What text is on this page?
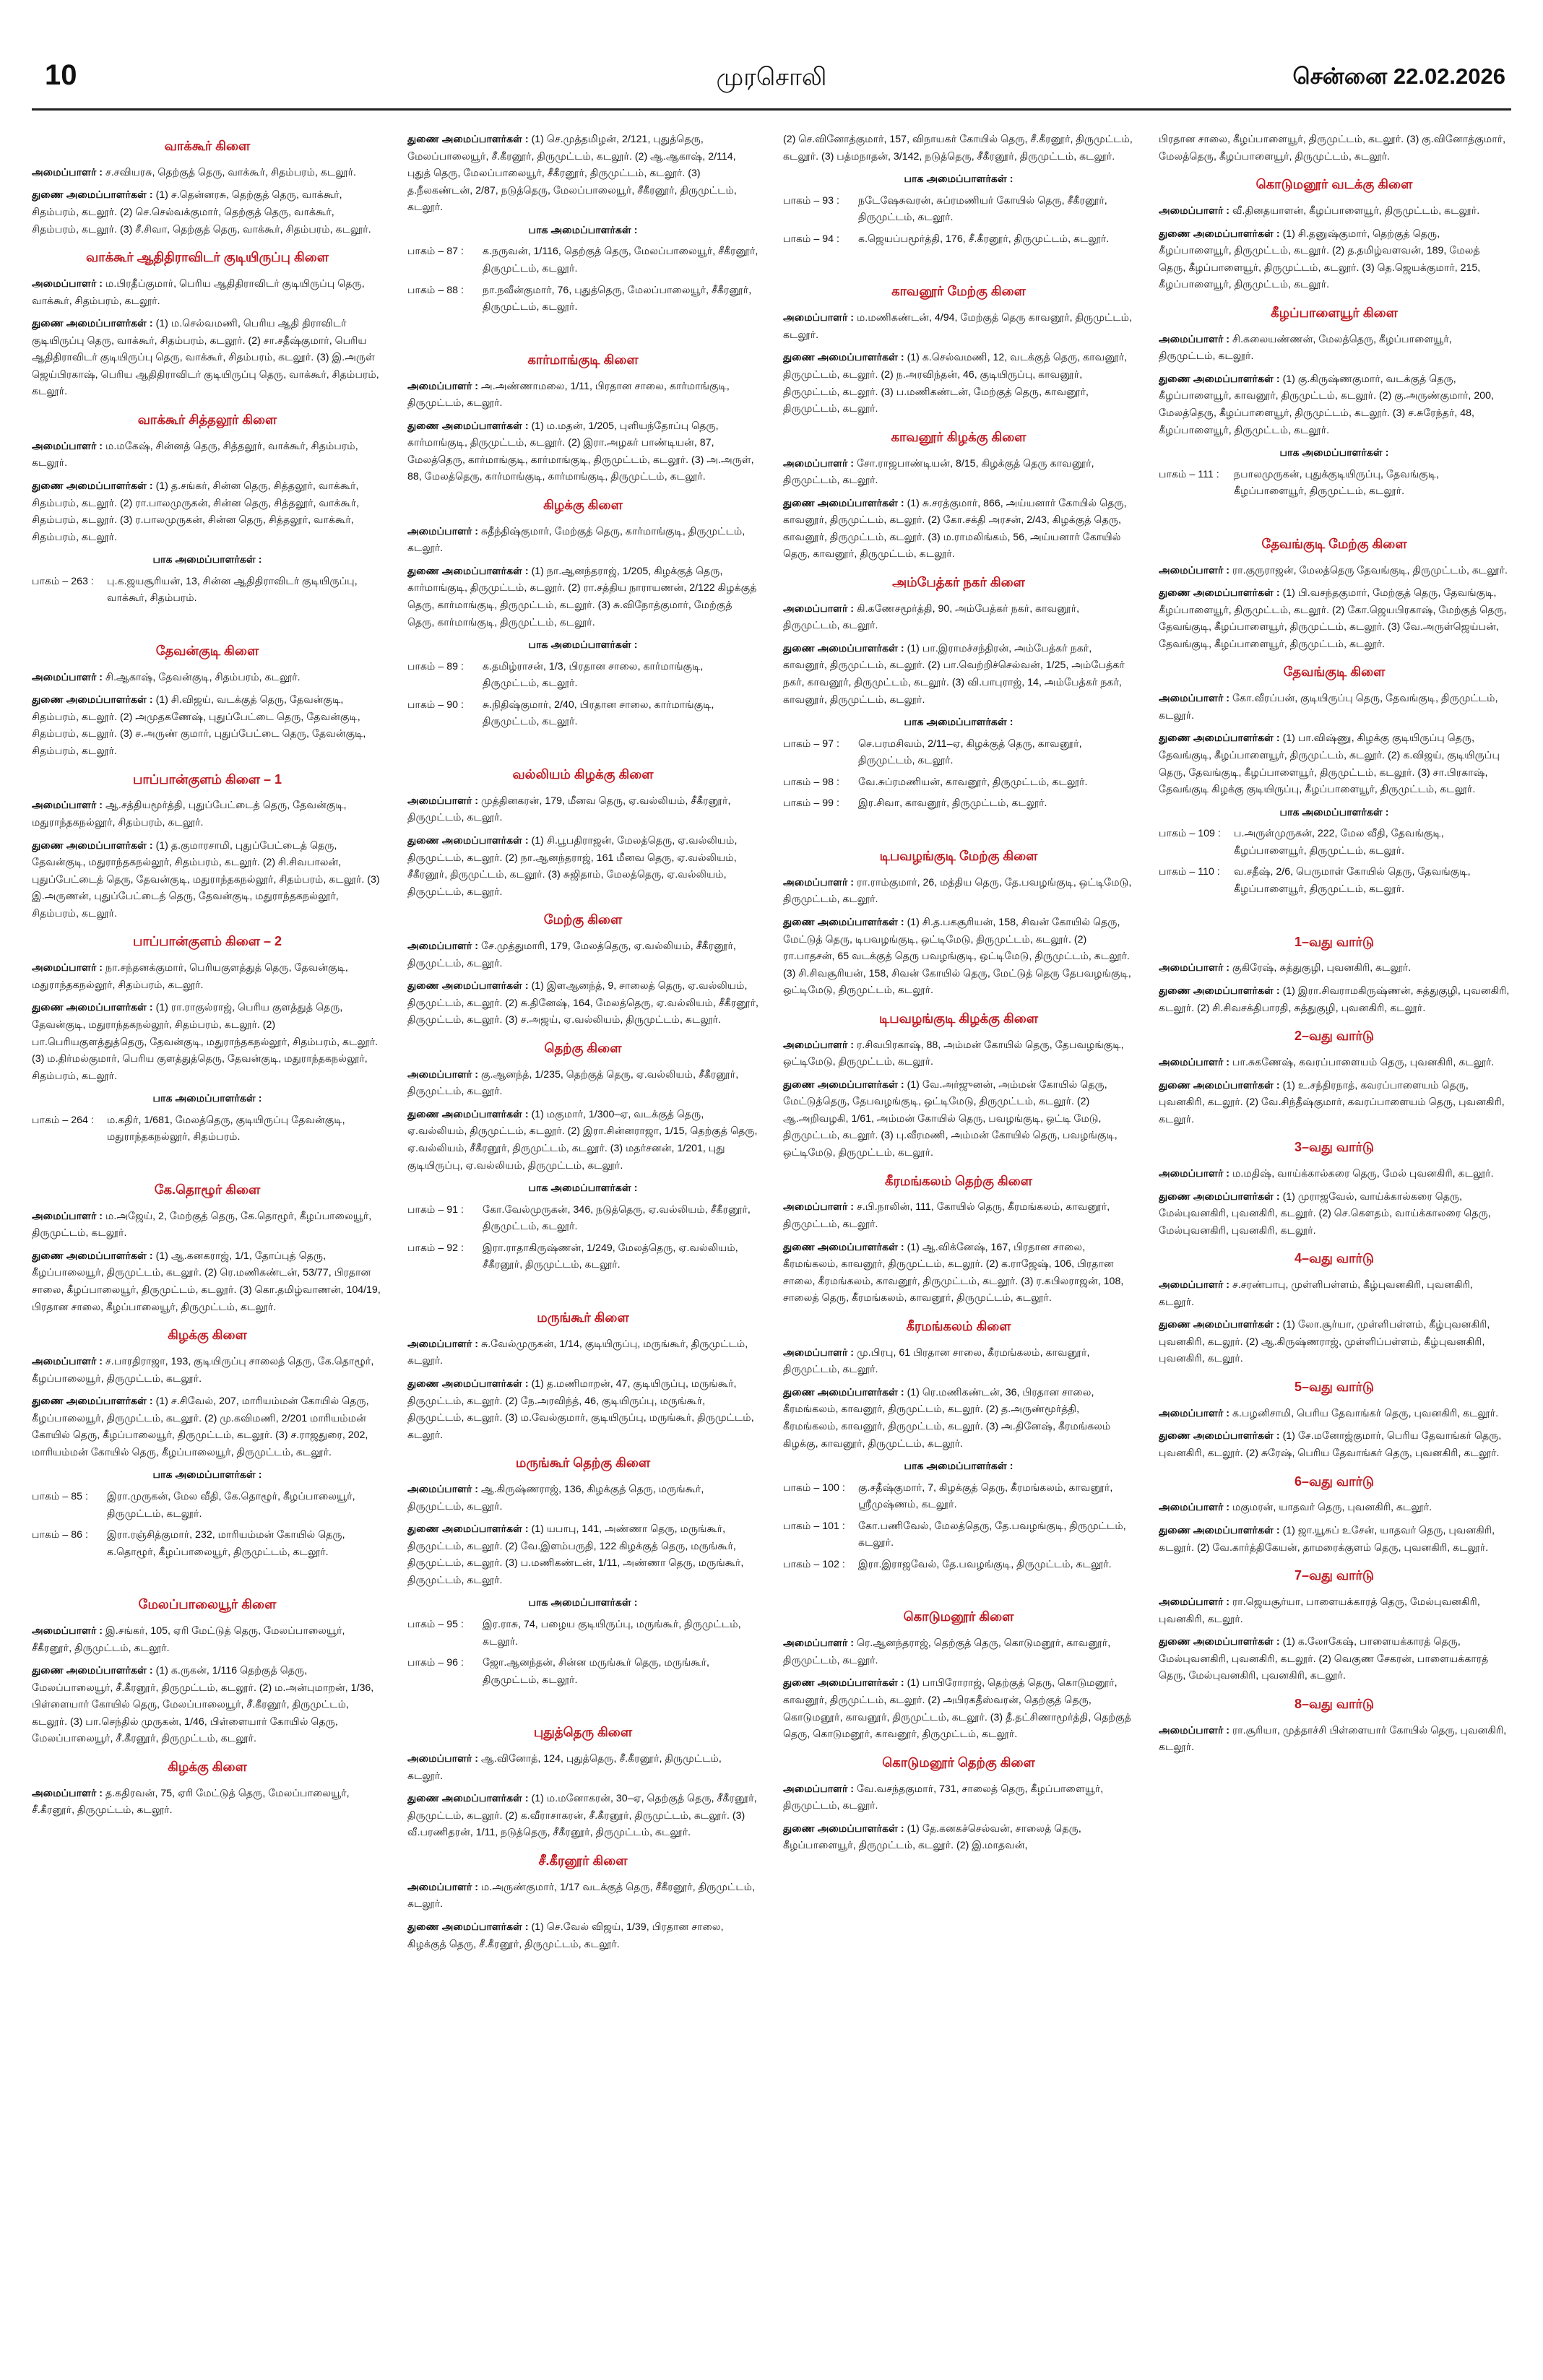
10	முரசொலி	சென்னை 22.02.2026
வாக்கூர் கிளை

அமைப்பாளர் : ச.சவியரசு, தெற்குத் தெரு, வாக்கூர், சிதம்பரம், கடலூர்.

துணை அமைப்பாளர்கள் : (1) ச.தென்னரசு, தெற்குத் தெரு, வாக்கூர், சிதம்பரம், கடலூர். (2) செ.செல்வக்குமார், தெற்குத் தெரு, வாக்கூர், சிதம்பரம், கடலூர். (3) சீ.சிவா, தெற்குத் தெரு, வாக்கூர், சிதம்பரம், கடலூர்.

வாக்கூர் ஆதிதிராவிடர் குடியிருப்பு கிளை

அமைப்பாளர் : ம.பிரதீப்குமார், பெரிய ஆதிதிராவிடர் குடியிருப்பு தெரு, வாக்கூர், சிதம்பரம், கடலூர்.

துணை அமைப்பாளர்கள் : (1) ம.செல்வமணி, பெரிய ஆதி திராவிடர் குடியிருப்பு தெரு, வாக்கூர், சிதம்பரம், கடலூர். (2) சா.சதீஷ்குமார், பெரிய ஆதிதிராவிடர் குடியிருப்பு தெரு, வாக்கூர், சிதம்பரம், கடலூர். (3) இ.அருள் ஜெய்பிரகாஷ், பெரிய ஆதிதிராவிடர் குடியிருப்பு தெரு, வாக்கூர், சிதம்பரம், கடலூர்.

வாக்கூர் சித்தலூர் கிளை

அமைப்பாளர் : ம.மகேஷ், சின்னத் தெரு, சித்தலூர், வாக்கூர், சிதம்பரம், கடலூர்.

துணை அமைப்பாளர்கள் : (1) த.சங்கர், சின்ன தெரு, சித்தலூர், வாக்கூர், சிதம்பரம், கடலூர். (2) ரா.பாலமுருகன், சின்ன தெரு, சித்தலூர், வாக்கூர், சிதம்பரம், கடலூர். (3) ர.பாலமுருகன், சின்ன தெரு, சித்தலூர், வாக்கூர், சிதம்பரம், கடலூர்.

பாக அமைப்பாளர்கள் :
பாகம் – 263 :	பு.க.ஜயசூரியன், 13, சின்ன ஆதிதிராவிடர் குடியிருப்பு, வாக்கூர், சிதம்பரம்.
தேவன்குடி கிளை

அமைப்பாளர் : சி.ஆகாஷ், தேவன்குடி, சிதம்பரம், கடலூர்.

துணை அமைப்பாளர்கள் : (1) சி.விஜய், வடக்குத் தெரு, தேவன்குடி, சிதம்பரம், கடலூர். (2) அமுதகணேஷ், புதுப்பேட்டை தெரு, தேவன்குடி, சிதம்பரம், கடலூர். (3) ச.அருண் குமார், புதுப்பேட்டை தெரு, தேவன்குடி, சிதம்பரம், கடலூர்.

பாப்பான்குளம் கிளை – 1

அமைப்பாளர் : ஆ.சத்தியமூர்த்தி, புதுப்பேட்டைத் தெரு, தேவன்குடி, மதுராந்தகநல்லூர், சிதம்பரம், கடலூர்.

துணை அமைப்பாளர்கள் : (1) த.குமாரசாமி, புதுப்பேட்டைத் தெரு, தேவன்குடி, மதுராந்தகநல்லூர், சிதம்பரம், கடலூர். (2) சி.சிவபாலன், புதுப்பேட்டைத் தெரு, தேவன்குடி, மதுராந்தகநல்லூர், சிதம்பரம், கடலூர். (3) இ.அருணன், புதுப்பேட்டைத் தெரு, தேவன்குடி, மதுராந்தகநல்லூர், சிதம்பரம், கடலூர்.

பாப்பான்குளம் கிளை – 2

அமைப்பாளர் : நா.சந்தனக்குமார், பெரியகுளத்துத் தெரு, தேவன்குடி, மதுராந்தகநல்லூர், சிதம்பரம், கடலூர்.

துணை அமைப்பாளர்கள் : (1) ரா.ராகுல்ராஜ், பெரிய குளத்துத் தெரு, தேவன்குடி, மதுராந்தகநல்லூர், சிதம்பரம், கடலூர். (2) பா.பெரியகுளத்துத்தெரு, தேவன்குடி, மதுராந்தகநல்லூர், சிதம்பரம், கடலூர். (3) ம.திர்மல்குமார், பெரிய குளத்துத்தெரு, தேவன்குடி, மதுராந்தகநல்லூர், சிதம்பரம், கடலூர்.

பாக அமைப்பாளர்கள் :
பாகம் – 264 :	ம.கதிர், 1/681, மேலத்தெரு, குடியிருப்பு தேவன்குடி, மதுராந்தகநல்லூர், சிதம்பரம்.
கே.தொழூர் கிளை

அமைப்பாளர் : ம.அஜேய், 2, மேற்குத் தெரு, கே.தொழூர், கீழப்பாலையூர், திருமுட்டம், கடலூர்.

துணை அமைப்பாளர்கள் : (1) ஆ.கனகராஜ், 1/1, தோப்புத் தெரு, கீழப்பாலையூர், திருமுட்டம், கடலூர். (2) ரெ.மணிகண்டன், 53/77, பிரதான சாலை, கீழப்பாலையூர், திருமுட்டம், கடலூர். (3) கொ.தமிழ்வாணன், 104/19, பிரதான சாலை, கீழப்பாலையூர், திருமுட்டம், கடலூர்.

கிழக்கு கிளை

அமைப்பாளர் : ச.பாரதிராஜா, 193, குடியிருப்பு சாலைத் தெரு, கே.தொழூர், கீழப்பாலையூர், திருமுட்டம், கடலூர்.

துணை அமைப்பாளர்கள் : (1) ச.சிவேல், 207, மாரியம்மன் கோயில் தெரு, கீழப்பாலையூர், திருமுட்டம், கடலூர். (2) மு.கவிமணி, 2/201 மாரியம்மன் கோயில் தெரு, கீழப்பாலையூர், திருமுட்டம், கடலூர். (3) ச.ராஜதுரை, 202, மாரியம்மன் கோயில் தெரு, கீழப்பாலையூர், திருமுட்டம், கடலூர்.

பாக அமைப்பாளர்கள் :
பாகம் – 85 :	இரா.முருகன், மேல வீதி, கே.தொழூர், கீழப்பாலையூர், திருமுட்டம், கடலூர்.
பாகம் – 86 :	இரா.ரஞ்சித்குமார், 232, மாரியம்மன் கோயில் தெரு, க.தொழூர், கீழப்பாலையூர், திருமுட்டம், கடலூர்.
மேலப்பாலையூர் கிளை

அமைப்பாளர் : இ.சங்கர், 105, ஏரி மேட்டுத் தெரு, மேலப்பாலையூர், சீகீரனூர், திருமுட்டம், கடலூர்.

துணை அமைப்பாளர்கள் : (1) க.ருகன், 1/116 தெற்குத் தெரு, மேலப்பாலையூர், சீ.கீரனூர், திருமுட்டம், கடலூர். (2) ம.அன்புமாறன், 1/36, பிள்ளையார் கோயில் தெரு, மேலப்பாலையூர், சீ.கீரனூர், திருமுட்டம், கடலூர். (3) பா.செந்தில் முருகன், 1/46, பிள்ளையார் கோயில் தெரு, மேலப்பாலையூர், சீ.கீரனூர், திருமுட்டம், கடலூர்.

கிழக்கு கிளை

அமைப்பாளர் : த.கதிரவன், 75, ஏரி மேட்டுத் தெரு, மேலப்பாலையூர், சீ.கீரனூர், திருமுட்டம், கடலூர்.

துணை அமைப்பாளர்கள் : (1) செ.முத்தமிழன், 2/121, புதுத்தெரு, மேலப்பாலையூர், சீ.கீரனூர், திருமுட்டம், கடலூர். (2) ஆ.ஆகாஷ், 2/114, புதுத் தெரு, மேலப்பாலையூர், சீகீரனூர், திருமுட்டம், கடலூர். (3) த.நீலகண்டன், 2/87, நடுத்தெரு, மேலப்பாலையூர், சீகீரனூர், திருமுட்டம், கடலூர்.

பாக அமைப்பாளர்கள் :
பாகம் – 87 :	க.நருவன், 1/116, தெற்குத் தெரு, மேலப்பாலையூர், சீகீரனூர், திருமுட்டம், கடலூர்.
பாகம் – 88 :	நா.நவீன்குமார், 76, புதுத்தெரு, மேலப்பாலையூர், சீகீரனூர், திருமுட்டம், கடலூர்.
கார்மாங்குடி கிளை

அமைப்பாளர் : அ.அண்ணாமலை, 1/11, பிரதான சாலை, கார்மாங்குடி, திருமுட்டம், கடலூர்.

துணை அமைப்பாளர்கள் : (1) ம.மதன், 1/205, புளியந்தோப்பு தெரு, கார்மாங்குடி, திருமுட்டம், கடலூர். (2) இரா.அழகர் பாண்டியன், 87, மேலத்தெரு, கார்மாங்குடி, கார்மாங்குடி, திருமுட்டம், கடலூர். (3) அ.அருள், 88, மேலத்தெரு, கார்மாங்குடி, கார்மாங்குடி, திருமுட்டம், கடலூர்.

கிழக்கு கிளை

அமைப்பாளர் : சுதீந்திஷ்குமார், மேற்குத் தெரு, கார்மாங்குடி, திருமுட்டம், கடலூர்.

துணை அமைப்பாளர்கள் : (1) நா.ஆனந்தராஜ், 1/205, கிழக்குத் தெரு, கார்மாங்குடி, திருமுட்டம், கடலூர். (2) ரா.சத்திய நாராயணன், 2/122 கிழக்குத் தெரு, கார்மாங்குடி, திருமுட்டம், கடலூர். (3) சு.விநோத்குமார், மேற்குத் தெரு, கார்மாங்குடி, திருமுட்டம், கடலூர்.

பாக அமைப்பாளர்கள் :
பாகம் – 89 :	க.தமிழ்ராசன், 1/3, பிரதான சாலை, கார்மாங்குடி, திருமுட்டம், கடலூர்.
பாகம் – 90 :	சு.நிதிஷ்குமார், 2/40, பிரதான சாலை, கார்மாங்குடி, திருமுட்டம், கடலூர்.
வல்லியம் கிழக்கு கிளை

அமைப்பாளர் : முத்தினகரன், 179, மீனவ தெரு, ஏ.வல்லியம், சீகீரனூர், திருமுட்டம், கடலூர்.

துணை அமைப்பாளர்கள் : (1) சி.பூபதிராஜன், மேலத்தெரு, ஏ.வல்லியம், திருமுட்டம், கடலூர். (2) நா.ஆனந்தராஜ், 161 மீனவ தெரு, ஏ.வல்லியம், சீகீரனூர், திருமுட்டம், கடலூர். (3) சுஜிதாம், மேலத்தெரு, ஏ.வல்லியம், திருமுட்டம், கடலூர்.

மேற்கு கிளை

அமைப்பாளர் : சே.முத்துமாரி, 179, மேலத்தெரு, ஏ.வல்லியம், சீகீரனூர், திருமுட்டம், கடலூர்.

துணை அமைப்பாளர்கள் : (1) இளஆனந்த், 9, சாலைத் தெரு, ஏ.வல்லியம், திருமுட்டம், கடலூர். (2) சு.தினேஷ், 164, மேலத்தெரு, ஏ.வல்லியம், சீகீரனூர், திருமுட்டம், கடலூர். (3) ச.அஜய், ஏ.வல்லியம், திருமுட்டம், கடலூர்.

தெற்கு கிளை

அமைப்பாளர் : கு.ஆனந்த், 1/235, தெற்குத் தெரு, ஏ.வல்லியம், சீகீரனூர், திருமுட்டம், கடலூர்.

துணை அமைப்பாளர்கள் : (1) மகுமார், 1/300–ஏ, வடக்குத் தெரு, ஏ.வல்லியம், திருமுட்டம், கடலூர். (2) இரா.சின்னராஜா, 1/15, தெற்குத் தெரு, ஏ.வல்லியம், சீகீரனூர், திருமுட்டம், கடலூர். (3) மதர்சனன், 1/201, புது குடியிருப்பு, ஏ.வல்லியம், திருமுட்டம், கடலூர்.

பாக அமைப்பாளர்கள் :
பாகம் – 91 :	கோ.வேல்முருகன், 346, நடுத்தெரு, ஏ.வல்லியம், சீகீரனூர், திருமுட்டம், கடலூர்.
பாகம் – 92 :	இரா.ராதாகிருஷ்ணன், 1/249, மேலத்தெரு, ஏ.வல்லியம், சீகீரனூர், திருமுட்டம், கடலூர்.
மருங்கூர் கிளை

அமைப்பாளர் : சு.வேல்முருகன், 1/14, குடியிருப்பு, மருங்கூர், திருமுட்டம், கடலூர்.

துணை அமைப்பாளர்கள் : (1) த.மணிமாறன், 47, குடியிருப்பு, மருங்கூர், திருமுட்டம், கடலூர். (2) நே.அரவிந்த், 46, குடியிருப்பு, மருங்கூர், திருமுட்டம், கடலூர். (3) ம.வேல்குமார், குடியிருப்பு, மருங்கூர், திருமுட்டம், கடலூர்.

மருங்கூர் தெற்கு கிளை

அமைப்பாளர் : ஆ.கிருஷ்ணராஜ், 136, கிழக்குத் தெரு, மருங்கூர், திருமுட்டம், கடலூர்.

துணை அமைப்பாளர்கள் : (1) யபாபு, 141, அண்ணா தெரு, மருங்கூர், திருமுட்டம், கடலூர். (2) வே.இளம்பருதி, 122 கிழக்குத் தெரு, மருங்கூர், திருமுட்டம், கடலூர். (3) ப.மணிகண்டன், 1/11, அண்ணா தெரு, மருங்கூர், திருமுட்டம், கடலூர்.

பாக அமைப்பாளர்கள் :
பாகம் – 95 :	இர.ராசு, 74, பழைய குடியிருப்பு, மருங்கூர், திருமுட்டம், கடலூர்.
பாகம் – 96 :	ஜோ.ஆனந்தன், சின்ன மருங்கூர் தெரு, மருங்கூர், திருமுட்டம், கடலூர்.
புதுத்தெரு கிளை

அமைப்பாளர் : ஆ.வினோத், 124, புதுத்தெரு, சீ.கீரனூர், திருமுட்டம், கடலூர்.

துணை அமைப்பாளர்கள் : (1) ம.மனோகரன், 30–ஏ, தெற்குத் தெரு, சீகீரனூர், திருமுட்டம், கடலூர். (2) க.வீராசாகரன், சீ.கீரனூர், திருமுட்டம், கடலூர். (3) வீ.பரணிதரன், 1/11, நடுத்தெரு, சீகீரனூர், திருமுட்டம், கடலூர்.

சீ.கீரனூர் கிளை

அமைப்பாளர் : ம.அருண்குமார், 1/17 வடக்குத் தெரு, சீகீரனூர், திருமுட்டம், கடலூர்.

துணை அமைப்பாளர்கள் : (1) செ.வேல் விஜய், 1/39, பிரதான சாலை, கிழக்குத் தெரு, சீ.கீரனூர், திருமுட்டம், கடலூர்.

(2) செ.வினோத்குமார், 157, விநாயகர் கோயில் தெரு, சீ.கீரனூர், திருமுட்டம், கடலூர். (3) பத்மநாதன், 3/142, நடுத்தெரு, சீகீரனூர், திருமுட்டம், கடலூர்.

பாக அமைப்பாளர்கள் :
பாகம் – 93 :	நடேஷேசுவரன், சுப்ரமணியர் கோயில் தெரு, சீகீரனூர், திருமுட்டம், கடலூர்.
பாகம் – 94 :	க.ஜெயப்பமூர்த்தி, 176, சீ.கீரனூர், திருமுட்டம், கடலூர்.
காவனூர் மேற்கு கிளை

அமைப்பாளர் : ம.மணிகண்டன், 4/94, மேற்குத் தெரு காவனூர், திருமுட்டம், கடலூர்.

துணை அமைப்பாளர்கள் : (1) க.செல்வமணி, 12, வடக்குத் தெரு, காவனூர், திருமுட்டம், கடலூர். (2) ந.அரவிந்தன், 46, குடியிருப்பு, காவனூர், திருமுட்டம், கடலூர். (3) ப.மணிகண்டன், மேற்குத் தெரு, காவனூர், திருமுட்டம், கடலூர்.

காவனூர் கிழக்கு கிளை

அமைப்பாளர் : சோ.ராஜபாண்டியன், 8/15, கிழக்குத் தெரு காவனூர், திருமுட்டம், கடலூர்.

துணை அமைப்பாளர்கள் : (1) சு.சரத்குமார், 866, அய்யனார் கோயில் தெரு, காவனூர், திருமுட்டம், கடலூர். (2) கோ.சக்தி அரசன், 2/43, கிழக்குத் தெரு, காவனூர், திருமுட்டம், கடலூர். (3) ம.ராமலிங்கம், 56, அய்யனார் கோயில் தெரு, காவனூர், திருமுட்டம், கடலூர்.

அம்பேத்கர் நகர் கிளை

அமைப்பாளர் : கி.கணேசமூர்த்தி, 90, அம்பேத்கர் நகர், காவனூர், திருமுட்டம், கடலூர்.

துணை அமைப்பாளர்கள் : (1) பா.இராமச்சந்திரன், அம்பேத்கர் நகர், காவனூர், திருமுட்டம், கடலூர். (2) பா.வெற்றிச்செல்வன், 1/25, அம்பேத்கர் நகர், காவனூர், திருமுட்டம், கடலூர். (3) வி.பாபுராஜ், 14, அம்பேத்கர் நகர், காவனூர், திருமுட்டம், கடலூர்.

பாக அமைப்பாளர்கள் :
பாகம் – 97 :	செ.பரமசிவம், 2/11–ஏ, கிழக்குத் தெரு, காவனூர், திருமுட்டம், கடலூர்.
பாகம் – 98 :	வே.சுப்ரமணியன், காவனூர், திருமுட்டம், கடலூர்.
பாகம் – 99 :	இர.சிவா, காவனூர், திருமுட்டம், கடலூர்.
டிபவழங்குடி மேற்கு கிளை

அமைப்பாளர் : ரா.ராம்குமார், 26, மத்திய தெரு, தே.பவழங்குடி, ஒட்டிமேடு, திருமுட்டம், கடலூர்.

துணை அமைப்பாளர்கள் : (1) சி.த.பகசூரியன், 158, சிவன் கோயில் தெரு, மேட்டுத் தெரு, டிபவழங்குடி, ஒட்டிமேடு, திருமுட்டம், கடலூர். (2) ரா.பாதசன், 65 வடக்குத் தெரு பவழங்குடி, ஒட்டிமேடு, திருமுட்டம், கடலூர். (3) சி.சிவசூரியன், 158, சிவன் கோயில் தெரு, மேட்டுத் தெரு தேபவழங்குடி, ஒட்டிமேடு, திருமுட்டம், கடலூர்.

டிபவழங்குடி கிழக்கு கிளை

அமைப்பாளர் : ர.சிவபிரகாஷ், 88, அம்மன் கோயில் தெரு, தேபவழங்குடி, ஒட்டிமேடு, திருமுட்டம், கடலூர்.

துணை அமைப்பாளர்கள் : (1) வே.அர்ஜுனன், அம்மன் கோயில் தெரு, மேட்டுத்தெரு, தேபவழங்குடி, ஒட்டிமேடு, திருமுட்டம், கடலூர். (2) ஆ.அறிவழகி, 1/61, அம்மன் கோயில் தெரு, பவழங்குடி, ஒட்டி மேடு, திருமுட்டம், கடலூர். (3) பு.வீரமணி, அம்மன் கோயில் தெரு, பவழங்குடி, ஒட்டிமேடு, திருமுட்டம், கடலூர்.

கீரமங்கலம் தெற்கு கிளை

அமைப்பாளர் : ச.பி.நாலின், 111, கோயில் தெரு, கீரமங்கலம், காவனூர், திருமுட்டம், கடலூர்.

துணை அமைப்பாளர்கள் : (1) ஆ.விக்னேஷ், 167, பிரதான சாலை, கீரமங்கலம், காவனூர், திருமுட்டம், கடலூர். (2) க.ராஜேஷ், 106, பிரதான சாலை, கீரமங்கலம், காவனூர், திருமுட்டம், கடலூர். (3) ர.கபிலராஜன், 108, சாலைத் தெரு, கீரமங்கலம், காவனூர், திருமுட்டம், கடலூர்.

கீரமங்கலம் கிளை

அமைப்பாளர் : மு.பிரபு, 61 பிரதான சாலை, கீரமங்கலம், காவனூர், திருமுட்டம், கடலூர்.

துணை அமைப்பாளர்கள் : (1) ரெ.மணிகண்டன், 36, பிரதான சாலை, கீரமங்கலம், காவனூர், திருமுட்டம், கடலூர். (2) த.அருண்மூர்த்தி, கீரமங்கலம், காவனூர், திருமுட்டம், கடலூர். (3) அ.தினேஷ், கீரமங்கலம் கிழக்கு, காவனூர், திருமுட்டம், கடலூர்.

பாக அமைப்பாளர்கள் :
பாகம் – 100 :	கு.சதீஷ்குமார், 7, கிழக்குத் தெரு, கீரமங்கலம், காவனூர், ஸ்ரீமுஷ்ணம், கடலூர்.
பாகம் – 101 :	கோ.பணிவேல், மேலத்தெரு, தே.பவழங்குடி, திருமுட்டம், கடலூர்.
பாகம் – 102 :	இரா.இராஜவேல், தே.பவழங்குடி, திருமுட்டம், கடலூர்.
கொடுமனூர் கிளை

அமைப்பாளர் : ரெ.ஆனந்தராஜ், தெற்குத் தெரு, கொடுமனூர், காவனூர், திருமுட்டம், கடலூர்.

துணை அமைப்பாளர்கள் : (1) பாபிரோராஜ், தெற்குத் தெரு, கொடுமனூர், காவனூர், திருமுட்டம், கடலூர். (2) அபிரகதீஸ்வரன், தெற்குத் தெரு, கொடுமனூர், காவனூர், திருமுட்டம், கடலூர். (3) தீ.தட்சிணாமூர்த்தி, தெற்குத் தெரு, கொடுமனூர், காவனூர், திருமுட்டம், கடலூர்.

கொடுமனூர் தெற்கு கிளை

அமைப்பாளர் : வே.வசந்தகுமார், 731, சாலைத் தெரு, கீழப்பாளையூர், திருமுட்டம், கடலூர்.

துணை அமைப்பாளர்கள் : (1) தே.கனகச்செல்வன், சாலைத் தெரு, கீழப்பாளையூர், திருமுட்டம், கடலூர். (2) இ.மாதவன்,

பிரதான சாலை, கீழப்பாளையூர், திருமுட்டம், கடலூர். (3) கு.வினோத்குமார், மேலத்தெரு, கீழப்பாளையூர், திருமுட்டம், கடலூர்.

கொடுமனூர் வடக்கு கிளை

அமைப்பாளர் : வீ.தினதயாளன், கீழப்பாளையூர், திருமுட்டம், கடலூர்.

துணை அமைப்பாளர்கள் : (1) சி.தனுஷ்குமார், தெற்குத் தெரு, கீழப்பாளையூர், திருமுட்டம், கடலூர். (2) த.தமிழ்வளவன், 189, மேலத் தெரு, கீழப்பாளையூர், திருமுட்டம், கடலூர். (3) தெ.ஜெயக்குமார், 215, கீழப்பாளையூர், திருமுட்டம், கடலூர்.

கீழப்பாளையூர் கிளை

அமைப்பாளர் : சி.கலையண்ணன், மேலத்தெரு, கீழப்பாளையூர், திருமுட்டம், கடலூர்.

துணை அமைப்பாளர்கள் : (1) கு.கிருஷ்ணகுமார், வடக்குத் தெரு, கீழப்பாளையூர், காவனூர், திருமுட்டம், கடலூர். (2) கு.அருண்குமார், 200, மேலத்தெரு, கீழப்பாளையூர், திருமுட்டம், கடலூர். (3) ச.சுரேந்தர், 48, கீழப்பாளையூர், திருமுட்டம், கடலூர்.

பாக அமைப்பாளர்கள் :
பாகம் – 111 :	நபாலமுருகன், புதுக்குடியிருப்பு, தேவங்குடி, கீழப்பாளையூர், திருமுட்டம், கடலூர்.
தேவங்குடி மேற்கு கிளை

அமைப்பாளர் : ரா.குருராஜன், மேலத்தெரு தேவங்குடி, திருமுட்டம், கடலூர்.

துணை அமைப்பாளர்கள் : (1) பி.வசந்தகுமார், மேற்குத் தெரு, தேவங்குடி, கீழப்பாளையூர், திருமுட்டம், கடலூர். (2) கோ.ஜெயபிரகாஷ், மேற்குத் தெரு, தேவங்குடி, கீழப்பாளையூர், திருமுட்டம், கடலூர். (3) வே.அருள்ஜெய்பன், தேவங்குடி, கீழப்பாளையூர், திருமுட்டம், கடலூர்.

தேவங்குடி கிளை

அமைப்பாளர் : கோ.வீரப்பன், குடியிருப்பு தெரு, தேவங்குடி, திருமுட்டம், கடலூர்.

துணை அமைப்பாளர்கள் : (1) பா.விஷ்ணு, கிழக்கு குடியிருப்பு தெரு, தேவங்குடி, கீழப்பாளையூர், திருமுட்டம், கடலூர். (2) க.விஜய், குடியிருப்பு தெரு, தேவங்குடி, கீழப்பாளையூர், திருமுட்டம், கடலூர். (3) சா.பிரகாஷ், தேவங்குடி கிழக்கு குடியிருப்பு, கீழப்பாளையூர், திருமுட்டம், கடலூர்.

பாக அமைப்பாளர்கள் :
பாகம் – 109 :	ப.அருள்முருகன், 222, மேல வீதி, தேவங்குடி, கீழப்பாளையூர், திருமுட்டம், கடலூர்.
பாகம் – 110 :	வ.சதீஷ், 2/6, பெருமாள் கோயில் தெரு, தேவங்குடி, கீழப்பாளையூர், திருமுட்டம், கடலூர்.
1–வது வார்டு

அமைப்பாளர் : குகிரேஷ், சுத்துகுழி, புவனகிரி, கடலூர்.

துணை அமைப்பாளர்கள் : (1) இரா.சிவராமகிருஷ்ணன், சுத்துகுழி, புவனகிரி, கடலூர். (2) சி.சிவசக்திபாரதி, சுத்துகுழி, புவனகிரி, கடலூர்.

2–வது வார்டு

அமைப்பாளர் : பா.சுகணேஷ், கவரப்பாளையம் தெரு, புவனகிரி, கடலூர்.

துணை அமைப்பாளர்கள் : (1) உ.சந்திரநாத், கவரப்பாளையம் தெரு, புவனகிரி, கடலூர். (2) வே.சிந்தீஷ்குமார், கவரப்பாளையம் தெரு, புவனகிரி, கடலூர்.

3–வது வார்டு

அமைப்பாளர் : ம.மதிஷ், வாய்க்கால்கரை தெரு, மேல் புவனகிரி, கடலூர்.

துணை அமைப்பாளர்கள் : (1) முராஜவேல், வாய்க்கால்கரை தெரு, மேல்புவனகிரி, புவனகிரி, கடலூர். (2) செ.கௌதம், வாய்க்காலரை தெரு, மேல்புவனகிரி, புவனகிரி, கடலூர்.

4–வது வார்டு

அமைப்பாளர் : ச.சரண்பாபு, முள்ளிபள்ளம், கீழ்புவனகிரி, புவனகிரி, கடலூர்.

துணை அமைப்பாளர்கள் : (1) லோ.சூர்யா, முள்ளிபள்ளம், கீழ்புவனகிரி, புவனகிரி, கடலூர். (2) ஆ.கிருஷ்ணராஜ், முள்ளிப்பள்ளம், கீழ்புவனகிரி, புவனகிரி, கடலூர்.

5–வது வார்டு

அமைப்பாளர் : க.பழனிசாமி, பெரிய தேவாங்கர் தெரு, புவனகிரி, கடலூர்.

துணை அமைப்பாளர்கள் : (1) சே.மனோஜ்குமார், பெரிய தேவாங்கர் தெரு, புவனகிரி, கடலூர். (2) சுரேஷ், பெரிய தேவாங்கர் தெரு, புவனகிரி, கடலூர்.

6–வது வார்டு

அமைப்பாளர் : மகுமரன், யாதவர் தெரு, புவனகிரி, கடலூர்.

துணை அமைப்பாளர்கள் : (1) ஜா.யூசுப் உசேன், யாதவர் தெரு, புவனகிரி, கடலூர். (2) வே.கார்த்திகேயன், தாமரைக்குளம் தெரு, புவனகிரி, கடலூர்.

7–வது வார்டு

அமைப்பாளர் : ரா.ஜெயசூர்யா, பாளையக்காரத் தெரு, மேல்புவனகிரி, புவனகிரி, கடலூர்.

துணை அமைப்பாளர்கள் : (1) க.லோகேஷ், பாளையக்காரத் தெரு, மேல்புவனகிரி, புவனகிரி, கடலூர். (2) வெகுண சேகரன், பாளையக்காரத் தெரு, மேல்புவனகிரி, புவனகிரி, கடலூர்.

8–வது வார்டு

அமைப்பாளர் : ரா.சூரியா, முத்தாச்சி பிள்ளையார் கோயில் தெரு, புவனகிரி, கடலூர்.
